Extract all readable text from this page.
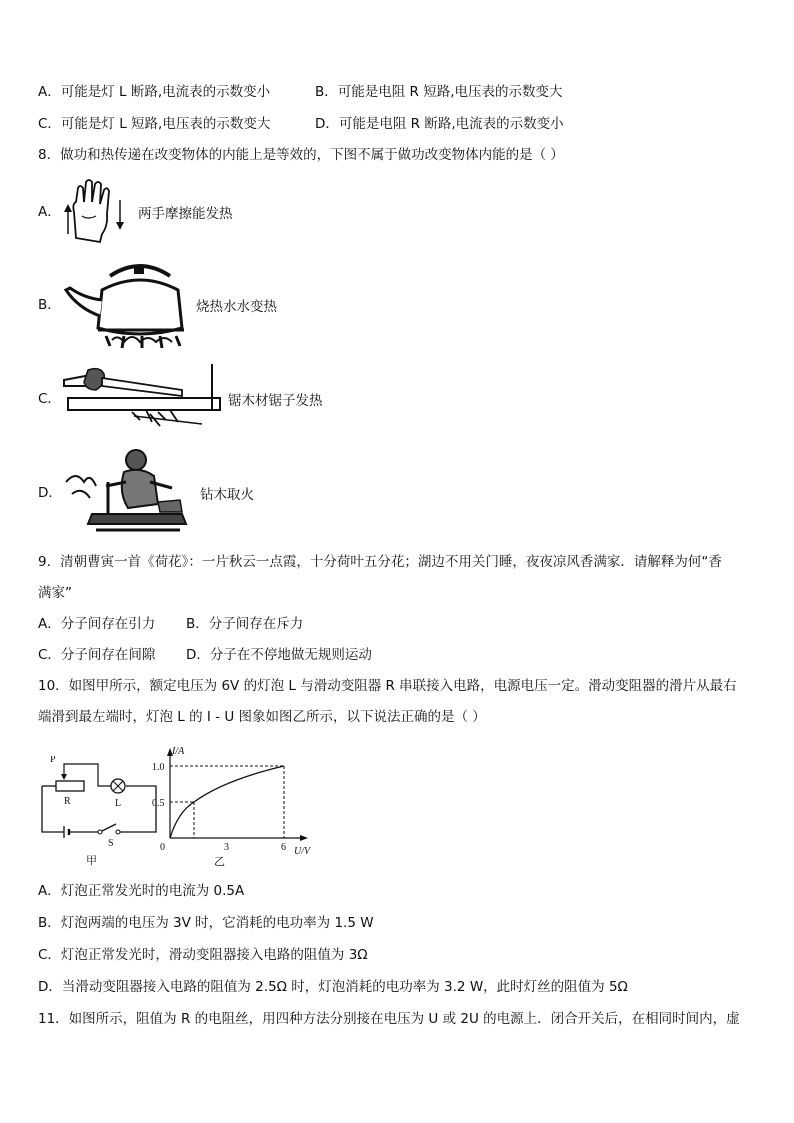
A．可能是灯 L 断路,电流表的示数变小	B．可能是电阻 R 短路,电压表的示数变大
C．可能是灯 L 短路,电压表的示数变大	D．可能是电阻 R 断路,电流表的示数变小
8．做功和热传递在改变物体的内能上是等效的，下图不属于做功改变物体内能的是（ ）
A．	两手摩擦能发热
B．	烧热水水变热
C．	锯木材锯子发热
D．	钻木取火
9．清朝曹寅一首《荷花》：一片秋云一点霞，十分荷叶五分花；湖边不用关门睡，夜夜凉风香满家．请解释为何“香
满家”
A．分子间存在引力 B．分子间存在斥力
C．分子间存在间隙 D．分子在不停地做无规则运动
10．如图甲所示，额定电压为 6V 的灯泡 L 与滑动变阻器 R 串联接入电路，电源电压一定。滑动变阻器的滑片从最右
端滑到最左端时，灯泡 L 的 I - U 图象如图乙所示，以下说法正确的是（ ）
P
R	L
S
甲
I/A
U/V
1.0
0.5
0	3	6
乙
A．灯泡正常发光时的电流为 0.5A
B．灯泡两端的电压为 3V 时，它消耗的电功率为 1.5 W
C．灯泡正常发光时，滑动变阻器接入电路的阻值为 3Ω
D．当滑动变阻器接入电路的阻值为 2.5Ω 时，灯泡消耗的电功率为 3.2 W，此时灯丝的阻值为 5Ω
11．如图所示，阻值为 R 的电阻丝，用四种方法分别接在电压为 U 或 2U 的电源上．闭合开关后，在相同时间内，虚
